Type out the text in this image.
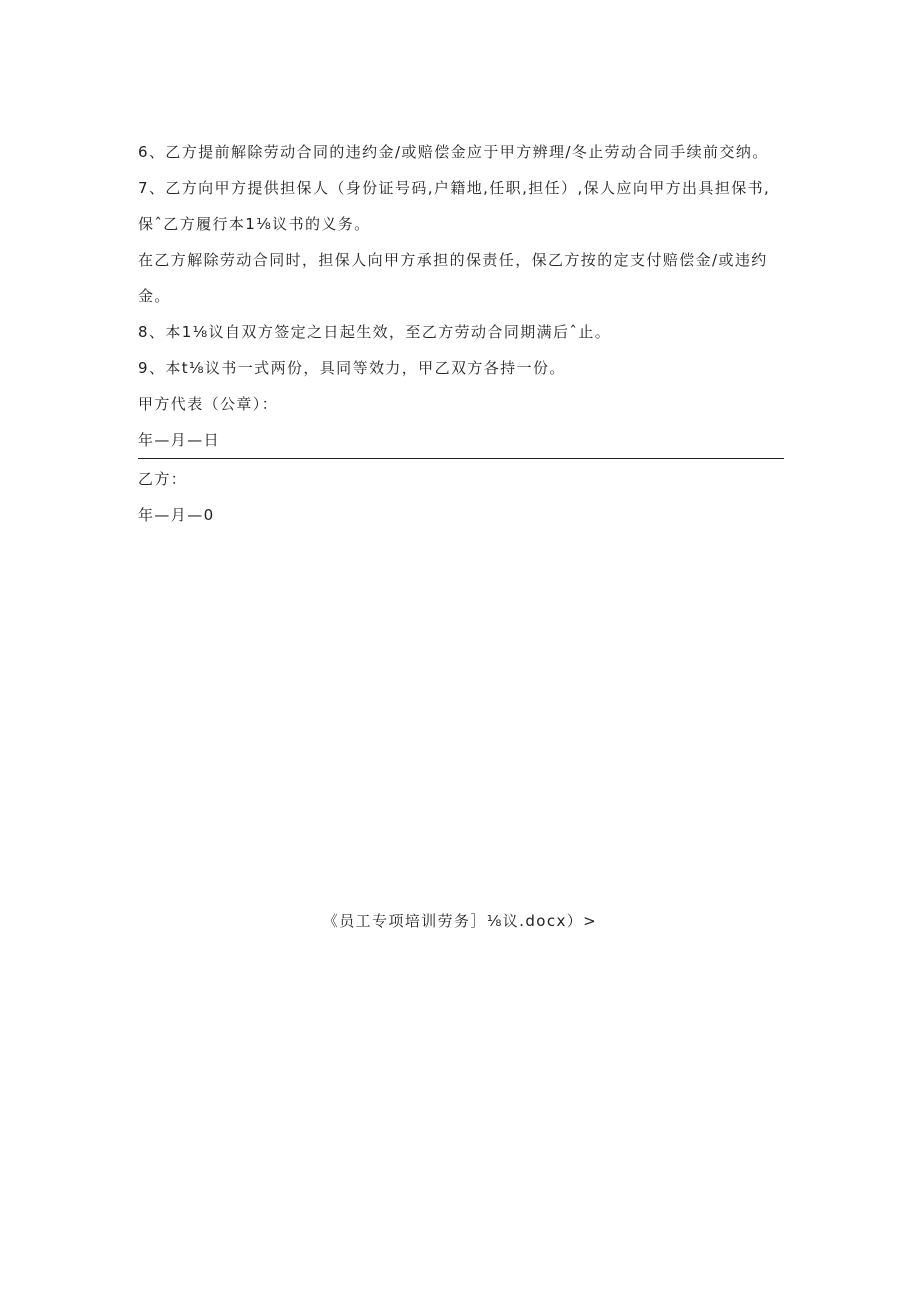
6、乙方提前解除劳动合同的违约金/或赔偿金应于甲方辨理/冬止劳动合同手续前交纳。

7、乙方向甲方提供担保人（身份证号码,户籍地,任职,担任）,保人应向甲方出具担保书,

保ˆ乙方履行本1⅛议书的义务。

在乙方解除劳动合同时，担保人向甲方承担的保责任，保乙方按的定支付赔偿金/或违约金。

8、本1⅛议自双方签定之日起生效，至乙方劳动合同期满后ˆ止。

9、本t⅛议书一式两份，具同等效力，甲乙双方各持一份。

甲方代表（公章）：

年—月—日

乙方：

年—月—0

《员工专项培训劳务］⅛议.docx）>
